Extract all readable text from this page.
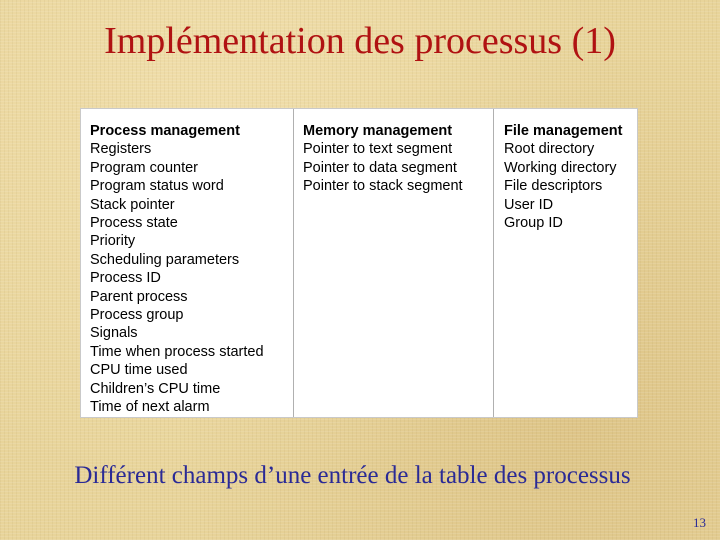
Implémentation des processus (1)
Process management
Registers
Program counter
Program status word
Stack pointer
Process state
Priority
Scheduling parameters
Process ID
Parent process
Process group
Signals
Time when process started
CPU time used
Children’s CPU time
Time of next alarm
Memory management
Pointer to text segment
Pointer to data segment
Pointer to stack segment
File management
Root directory
Working directory
File descriptors
User ID
Group ID
Différent champs d’une entrée de la table des processus
13
